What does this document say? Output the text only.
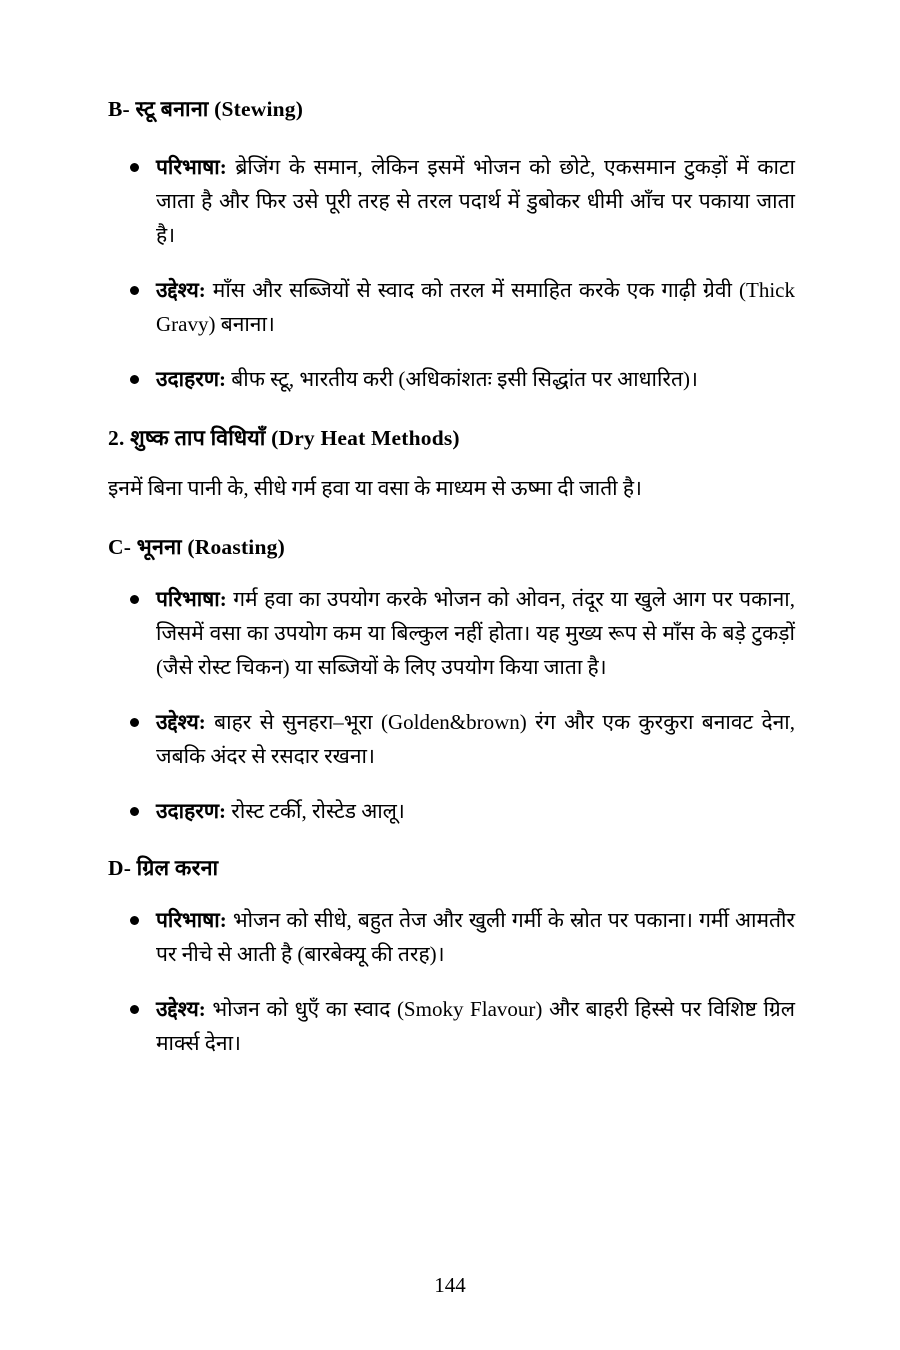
B- स्टू बनाना (Stewing)
परिभाषा: ब्रेजिंग के समान, लेकिन इसमें भोजन को छोटे, एकसमान टुकड़ों में काटा जाता है और फिर उसे पूरी तरह से तरल पदार्थ में डुबोकर धीमी आँच पर पकाया जाता है।
उद्देश्य: माँस और सब्जियों से स्वाद को तरल में समाहित करके एक गाढ़ी ग्रेवी (Thick Gravy) बनाना।
उदाहरण: बीफ स्टू, भारतीय करी (अधिकांशतः इसी सिद्धांत पर आधारित)।
2. शुष्क ताप विधियाँ (Dry Heat Methods)

इनमें बिना पानी के, सीधे गर्म हवा या वसा के माध्यम से ऊष्मा दी जाती है।

C- भूनना (Roasting)
परिभाषा: गर्म हवा का उपयोग करके भोजन को ओवन, तंदूर या खुले आग पर पकाना, जिसमें वसा का उपयोग कम या बिल्कुल नहीं होता। यह मुख्य रूप से माँस के बड़े टुकड़ों (जैसे रोस्ट चिकन) या सब्जियों के लिए उपयोग किया जाता है।
उद्देश्य: बाहर से सुनहरा–भूरा (Golden&brown) रंग और एक कुरकुरा बनावट देना, जबकि अंदर से रसदार रखना।
उदाहरण: रोस्ट टर्की, रोस्टेड आलू।
D- ग्रिल करना
परिभाषा: भोजन को सीधे, बहुत तेज और खुली गर्मी के स्रोत पर पकाना। गर्मी आमतौर पर नीचे से आती है (बारबेक्यू की तरह)।
उद्देश्य: भोजन को धुएँ का स्वाद (Smoky Flavour) और बाहरी हिस्से पर विशिष्ट ग्रिल मार्क्स देना।
144
